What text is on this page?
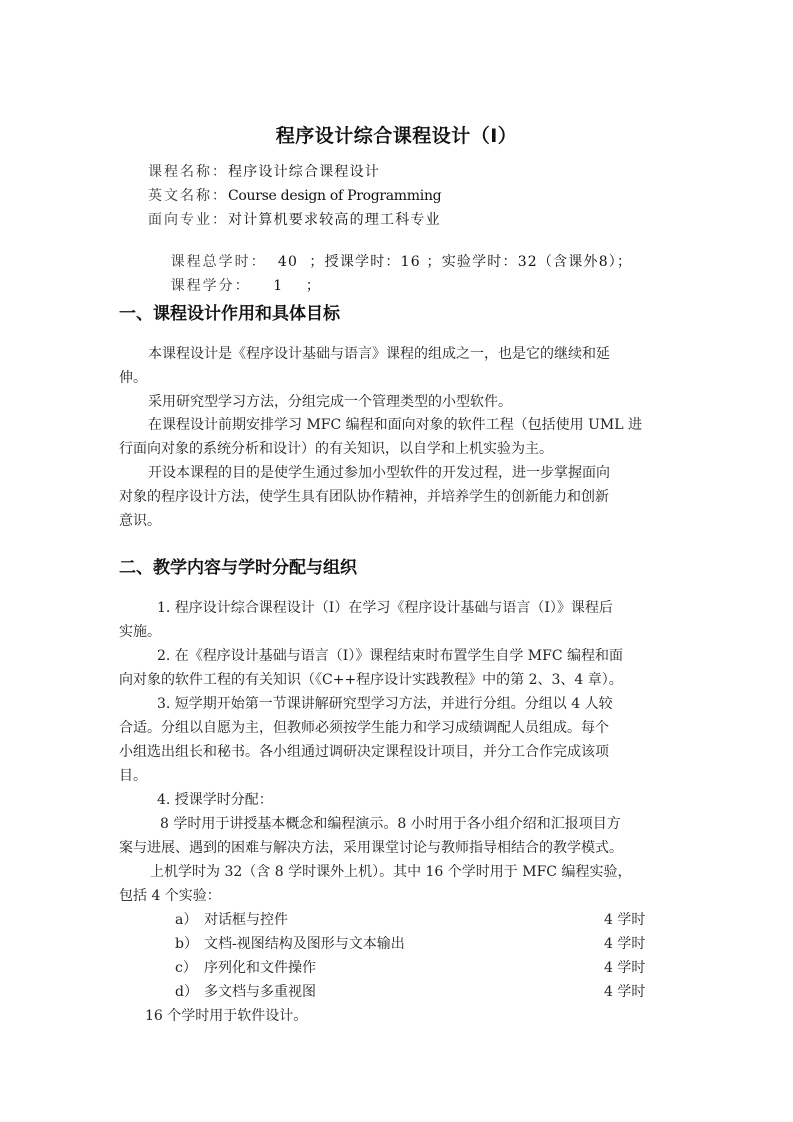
程序设计综合课程设计（I）
课程名称：程序设计综合课程设计
英文名称：Course design of Programming
面向专业：对计算机要求较高的理工科专业

课程总学时：  40  ；授课学时：16 ；实验学时：32（含课外8）；

课程学分：    1    ；

一、课程设计作用和具体目标
本课程设计是《程序设计基础与语言》课程的组成之一，也是它的继续和延
伸。
采用研究型学习方法，分组完成一个管理类型的小型软件。
在课程设计前期安排学习 MFC 编程和面向对象的软件工程（包括使用 UML 进
行面向对象的系统分析和设计）的有关知识，以自学和上机实验为主。
开设本课程的目的是使学生通过参加小型软件的开发过程，进一步掌握面向
对象的程序设计方法，使学生具有团队协作精神，并培养学生的创新能力和创新
意识。
二、教学内容与学时分配与组织
1. 程序设计综合课程设计（I）在学习《程序设计基础与语言（I）》课程后
实施。
2. 在《程序设计基础与语言（I）》课程结束时布置学生自学 MFC 编程和面
向对象的软件工程的有关知识（《C++程序设计实践教程》中的第 2、3、4 章）。
3. 短学期开始第一节课讲解研究型学习方法，并进行分组。分组以 4 人较
合适。分组以自愿为主，但教师必须按学生能力和学习成绩调配人员组成。每个
小组选出组长和秘书。各小组通过调研决定课程设计项目，并分工合作完成该项
目。
4. 授课学时分配：
8 学时用于讲授基本概念和编程演示。8 小时用于各小组介绍和汇报项目方
案与进展、遇到的困难与解决方法，采用课堂讨论与教师指导相结合的教学模式。
上机学时为 32（含 8 学时课外上机）。其中 16 个学时用于 MFC 编程实验，
包括 4 个实验：
a） 对话框与控件	4 学时
b） 文档-视图结构及图形与文本输出	4 学时
c） 序列化和文件操作	4 学时
d） 多文档与多重视图	4 学时
16 个学时用于软件设计。
